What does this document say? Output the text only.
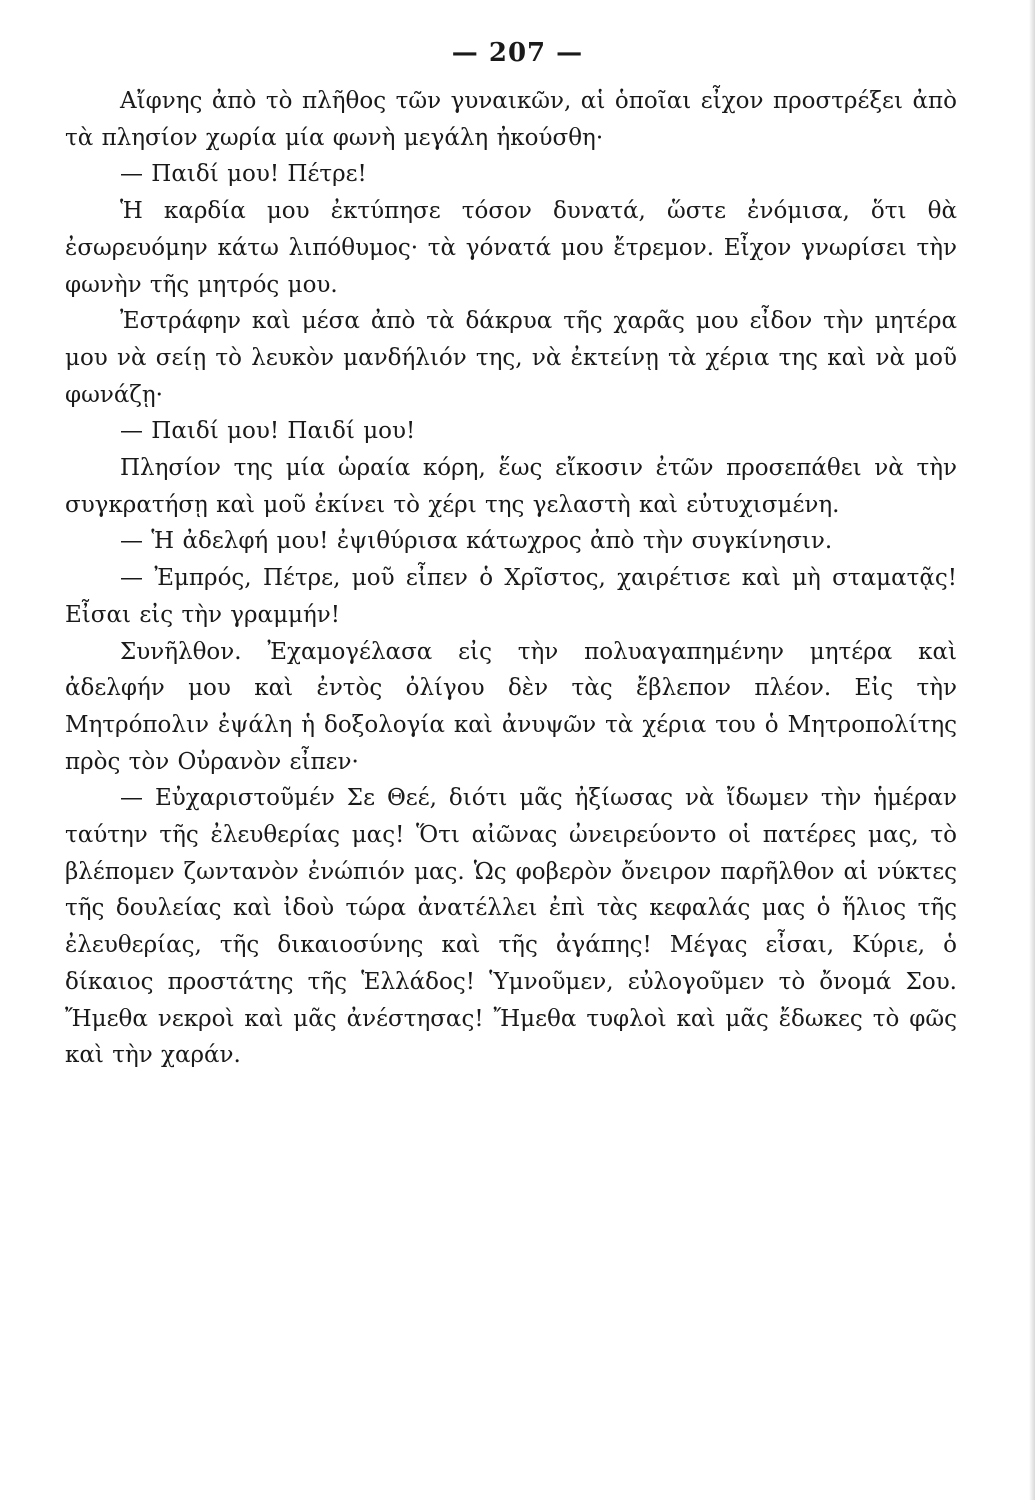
— 207 —

Αἴφνης ἀπὸ τὸ πλῆθος τῶν γυναικῶν, αἱ ὁποῖαι εἶχον προστρέξει ἀπὸ τὰ πλησίον χωρία μία φωνὴ μεγάλη ἠκούσθη·

— Παιδί μου! Πέτρε!

Ἡ καρδία μου ἐκτύπησε τόσον δυνατά, ὥστε ἐνόμισα, ὅτι θὰ ἐσωρευόμην κάτω λιπόθυμος· τὰ γόνατά μου ἔτρεμον. Εἶχον γνωρίσει τὴν φωνὴν τῆς μητρός μου.

Ἐστράφην καὶ μέσα ἀπὸ τὰ δάκρυα τῆς χαρᾶς μου εἶδον τὴν μητέρα μου νὰ σείῃ τὸ λευκὸν μανδήλιόν της, νὰ ἐκτείνῃ τὰ χέρια της καὶ νὰ μοῦ φωνάζῃ·

— Παιδί μου! Παιδί μου!

Πλησίον της μία ὡραία κόρη, ἕως εἴκοσιν ἐτῶν προσεπάθει νὰ τὴν συγκρατήσῃ καὶ μοῦ ἐκίνει τὸ χέρι της γελαστὴ καὶ εὐτυχισμένη.

— Ἡ ἀδελφή μου! ἐψιθύρισα κάτωχρος ἀπὸ τὴν συγκίνησιν.

— Ἐμπρός, Πέτρε, μοῦ εἶπεν ὁ Χρῖστος, χαιρέτισε καὶ μὴ σταματᾷς! Εἶσαι εἰς τὴν γραμμήν!

Συνῆλθον. Ἐχαμογέλασα εἰς τὴν πολυαγαπημένην μητέρα καὶ ἀδελφήν μου καὶ ἐντὸς ὀλίγου δὲν τὰς ἔβλεπον πλέον. Εἰς τὴν Μητρόπολιν ἐψάλη ἡ δοξολογία καὶ ἀνυψῶν τὰ χέρια του ὁ Μητροπολίτης πρὸς τὸν Οὐρανὸν εἶπεν·

— Εὐχαριστοῦμέν Σε Θεέ, διότι μᾶς ἠξίωσας νὰ ἴδωμεν τὴν ἡμέραν ταύτην τῆς ἐλευθερίας μας! Ὅτι αἰῶνας ὠνειρεύοντο οἱ πατέρες μας, τὸ βλέπομεν ζωντανὸν ἐνώπιόν μας. Ὡς φοβερὸν ὄνειρον παρῆλθον αἱ νύκτες τῆς δουλείας καὶ ἰδοὺ τώρα ἀνατέλλει ἐπὶ τὰς κεφαλάς μας ὁ ἥλιος τῆς ἐλευθερίας, τῆς δικαιοσύνης καὶ τῆς ἀγάπης! Μέγας εἶσαι, Κύριε, ὁ δίκαιος προστάτης τῆς Ἑλλάδος! Ὑμνοῦμεν, εὐλογοῦμεν τὸ ὄνομά Σου. Ἤμεθα νεκροὶ καὶ μᾶς ἀνέστησας! Ἤμεθα τυφλοὶ καὶ μᾶς ἔδωκες τὸ φῶς καὶ τὴν χαράν.
